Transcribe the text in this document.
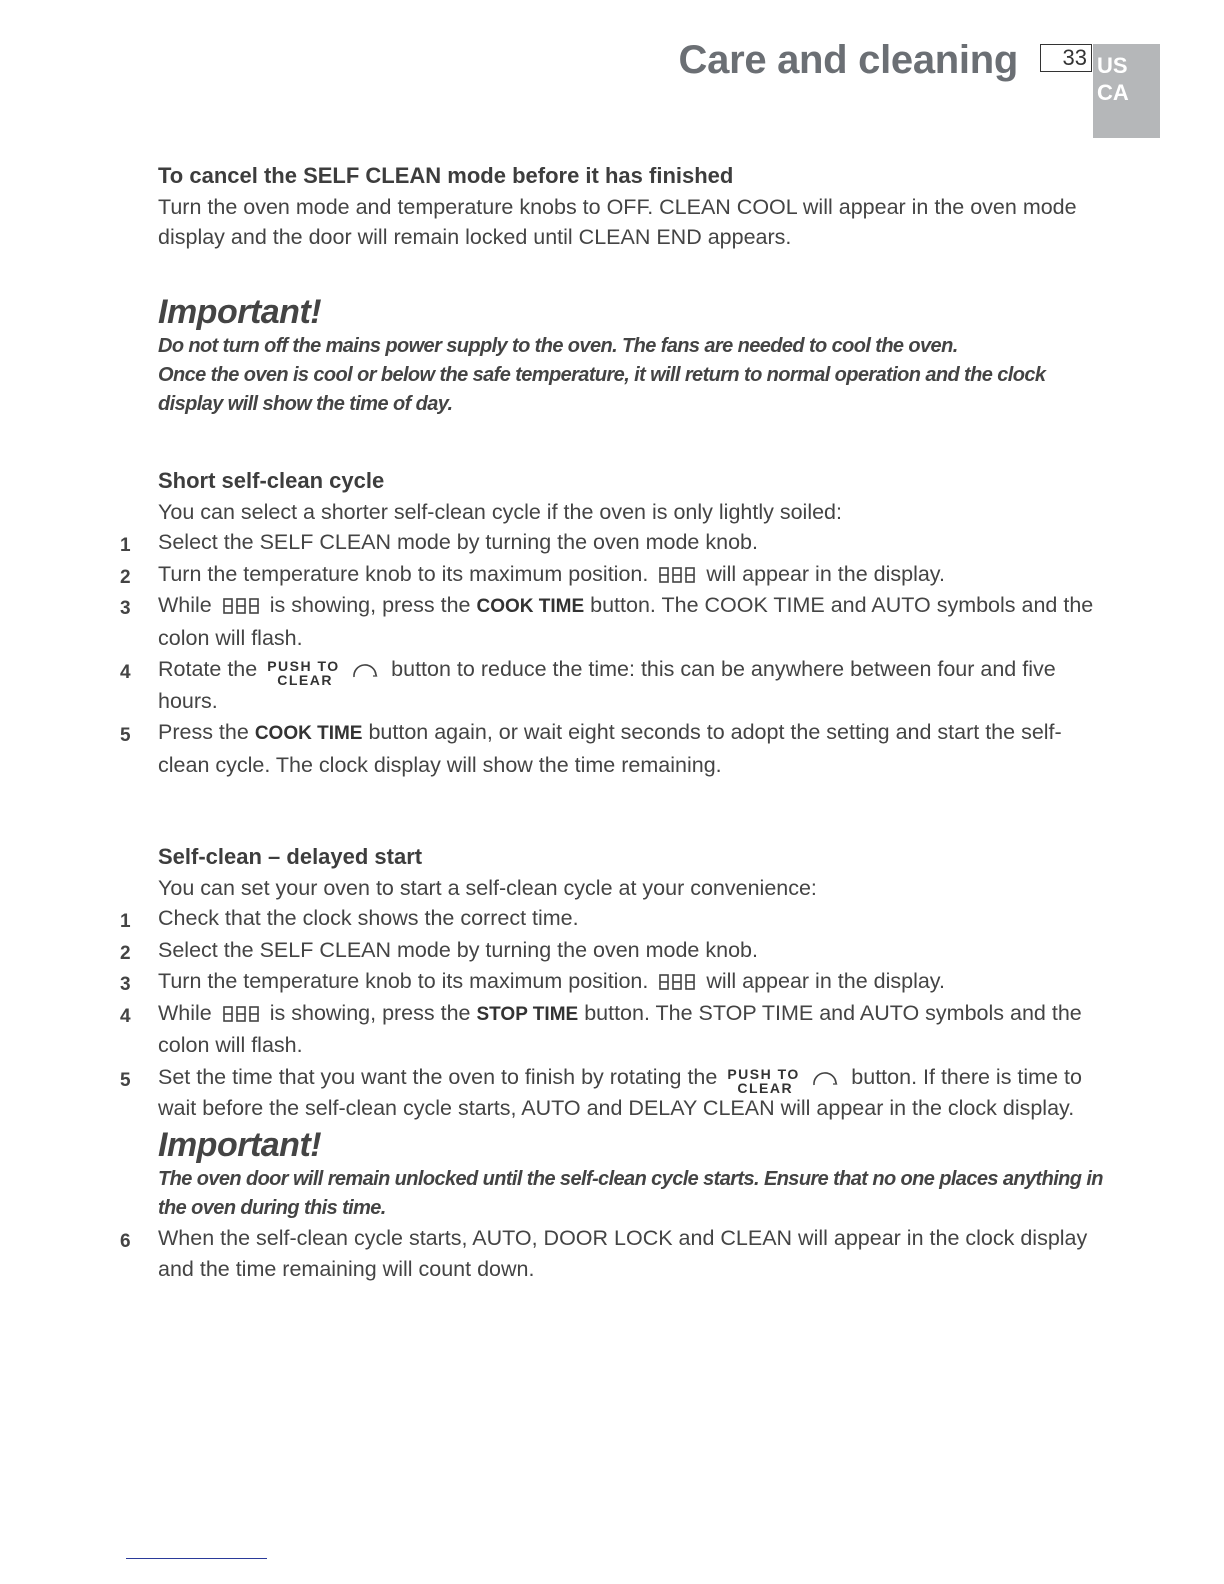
Care and cleaning	33 US
CA

To cancel the SELF CLEAN mode before it has finished

Turn the oven mode and temperature knobs to OFF. CLEAN COOL will appear in the oven mode display and the door will remain locked until CLEAN END appears.

Important!

Do not turn off the mains power supply to the oven. The fans are needed to cool the oven.

Once the oven is cool or below the safe temperature, it will return to normal operation and the clock display will show the time of day.

Short self-clean cycle

You can select a shorter self-clean cycle if the oven is only lightly soiled:

1 Select the SELF CLEAN mode by turning the oven mode knob.
2 Turn the temperature knob to its maximum position.	will appear in the display.
3 While	is showing, press the COOK TIME button. The COOK TIME and AUTO symbols and the colon will flash.
4 Rotate the PUSH TO
CLEAR	button to reduce the time: this can be anywhere between four and five hours.
5 Press the COOK TIME button again, or wait eight seconds to adopt the setting and start the self-clean cycle. The clock display will show the time remaining.

Self-clean – delayed start

You can set your oven to start a self-clean cycle at your convenience:

1 Check that the clock shows the correct time.
2 Select the SELF CLEAN mode by turning the oven mode knob.
3 Turn the temperature knob to its maximum position.	will appear in the display.
4 While	is showing, press the STOP TIME button. The STOP TIME and AUTO symbols and the colon will flash.
5 Set the time that you want the oven to finish by rotating the PUSH TO
CLEAR	button. If there is time to wait before the self-clean cycle starts, AUTO and DELAY CLEAN will appear in the clock display.

Important!

The oven door will remain unlocked until the self-clean cycle starts. Ensure that no one places anything in the oven during this time.

6 When the self-clean cycle starts, AUTO, DOOR LOCK and CLEAN will appear in the clock display and the time remaining will count down.
